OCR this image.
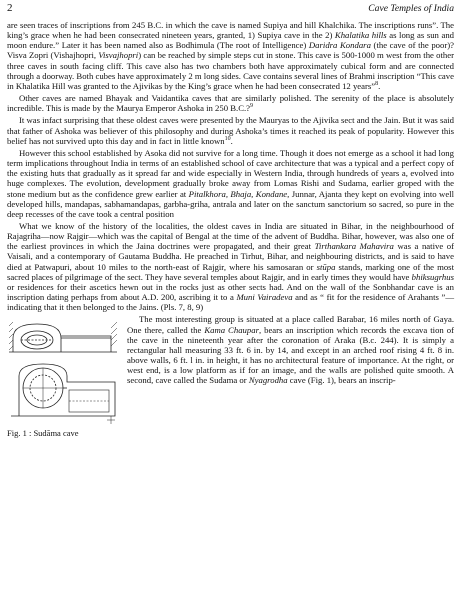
2	Cave Temples of India

are seen traces of inscriptions from 245 B.C. in which the cave is named Supiya and hill Khalchika. The inscriptions runs”. The king’s grace when he had been consecrated nineteen years, granted, 1) Supiya cave in the 2) Khalatika hills as long as sun and moon endure.” Later it has been named also as Bodhimula (The root of Intelligence) Daridra Kondara (the cave of the poor)? Visva Zopri (Vishajhopri, Visvajhopri) can be reached by simple steps cut in stone. This cave is 500-1000 m west from the other three caves in south facing cliff. This cave also has two chambers both have approximately cubical form and are connected through a doorway. Both cubes have approximately 2 m long sides. Cave contains several lines of Brahmi inscription “This cave in Khalatika Hill was granted to the Ajivikas by the King’s grace when he had been consecrated 12 years”$^8$.

Other caves are named Bhayak and Vaidantika caves that are similarly polished. The serenity of the place is absolutely incredible. This is made by the Maurya Emperor Ashoka in 250 B.C.?$^9$

It was infact surprising that these oldest caves were presented by the Mauryas to the Ajivika sect and the Jain. But it was said that father of Ashoka was believer of this philosophy and during Ashoka’s times it reached its peak of popularity. However this belief has not survived upto this day and in fact in little known$^{10}$.

However this school established by Asoka did not survive for a long time. Though it does not emerge as a school it had long term implications throughout India in terms of an established school of cave architecture that was a typical and a perfect copy of the existing huts that gradually as it spread far and wide especially in Western India, through hundreds of years a, evolved into huge complexes. The evolution, development gradually broke away from Lomas Rishi and Sudama, earlier groped with the stone medium but as the confidence grew earlier at Pitalkhora, Bhaja, Kondane, Junnar, Ajanta they kept on evolving into well developed hills, mandapas, sabhamandapas, garbha-griha, antrala and later on the sanctum sanctorium so sacred, so pure in the deep recesses of the cave took a central position

What we know of the history of the localities, the oldest caves in India are situated in Bihar, in the neighbourhood of Rajagriha—now Rajgir—which was the capital of Bengal at the time of the advent of Buddha. Bihar, however, was also one of the earliest provinces in which the Jaina doctrines were propagated, and their great Tirthankara Mahavira was a native of Vaisali, and a contemporary of Gautama Buddha. He preached in Tirhut, Bihar, and neighbouring districts, and is said to have died at Patwapuri, about 10 miles to the north-east of Rajgir, where his samosaran or stūpa stands, marking one of the most sacred places of pilgrimage of the sect. They have several temples about Rajgir, and in early times they would have bhiksugrhus or residences for their ascetics hewn out in the rocks just as other sects had. And on the wall of the Sonbhandar cave is an inscription dating perhaps from about A.D. 200, ascribing it to a Muni Vairadeva and as “ fit for the residence of Arahants ”—indicating that it then belonged to the Jains. (Pls. 7, 8, 9)

Fig. 1 : Sudāma cave

The most interesting group is situated at a place called Barabar, 16 miles north of Gaya. One there, called the Kama Chaupar, bears an inscription which records the excava tion of the cave in the nineteenth year after the coronation of Araka (B.c. 244). It is simply a rectangular hall measuring 33 ft. 6 in. by 14, and except in an arched roof rising 4 ft. 8 in. above walls, 6 ft. l in. in height, it has no architectural feature of importance. At the right, or west end, is a low platform as if for an image, and the walls are polished quite smooth. A second, cave called the Sudama or Nyagrodha cave (Fig. 1), bears an inscrip-
